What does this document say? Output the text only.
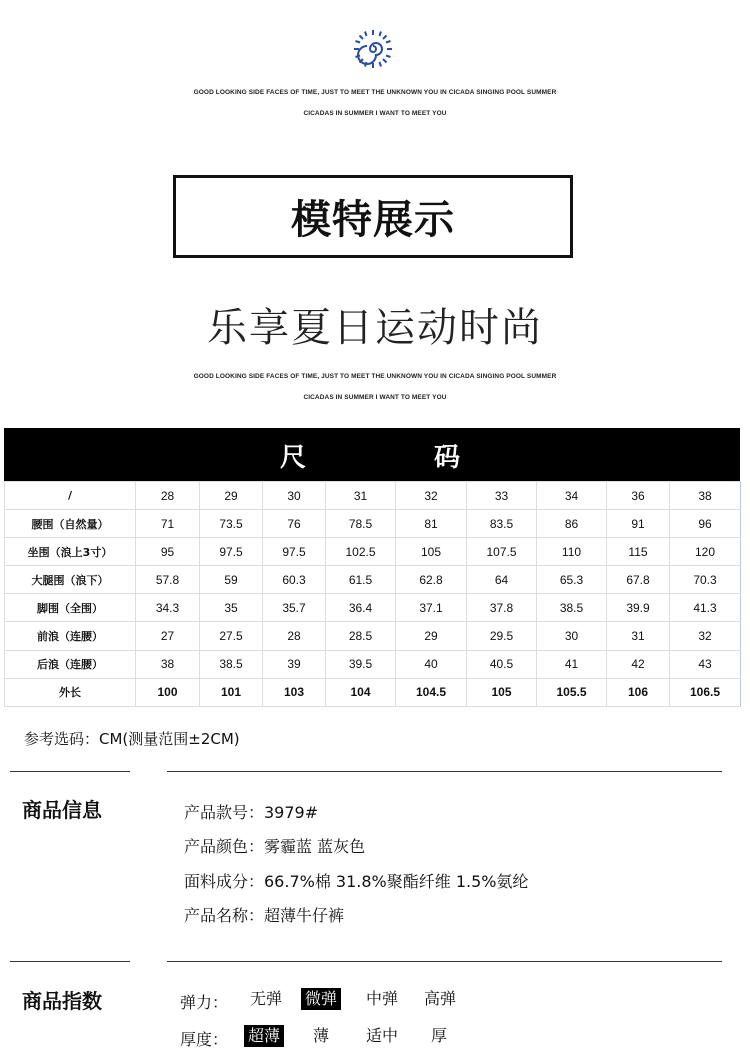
GOOD LOOKING SIDE FACES OF TIME, JUST TO MEET THE UNKNOWN YOU IN CICADA SINGING POOL SUMMER
CICADAS IN SUMMER I WANT TO MEET YOU
模特展示
乐享夏日运动时尚
GOOD LOOKING SIDE FACES OF TIME, JUST TO MEET THE UNKNOWN YOU IN CICADA SINGING POOL SUMMER
CICADAS IN SUMMER I WANT TO MEET YOU
尺	码
/	28	29	30	31	32	33	34	36	38
腰围（自然量）	71	73.5	76	78.5	81	83.5	86	91	96
坐围（浪上3寸）	95	97.5	97.5	102.5	105	107.5	110	115	120
大腿围（浪下）	57.8	59	60.3	61.5	62.8	64	65.3	67.8	70.3
脚围（全围）	34.3	35	35.7	36.4	37.1	37.8	38.5	39.9	41.3
前浪（连腰）	27	27.5	28	28.5	29	29.5	30	31	32
后浪（连腰）	38	38.5	39	39.5	40	40.5	41	42	43
外长	100	101	103	104	104.5	105	105.5	106	106.5
参考选码：CM(测量范围±2CM)
商品信息	产品款号：3979#
产品颜色：雾霾蓝 蓝灰色
面料成分：66.7%棉 31.8%聚酯纤维 1.5%氨纶
产品名称：超薄牛仔裤
商品指数	弹力： 无弹 微弹 中弹 高弹
厚度： 超薄 薄 适中 厚
